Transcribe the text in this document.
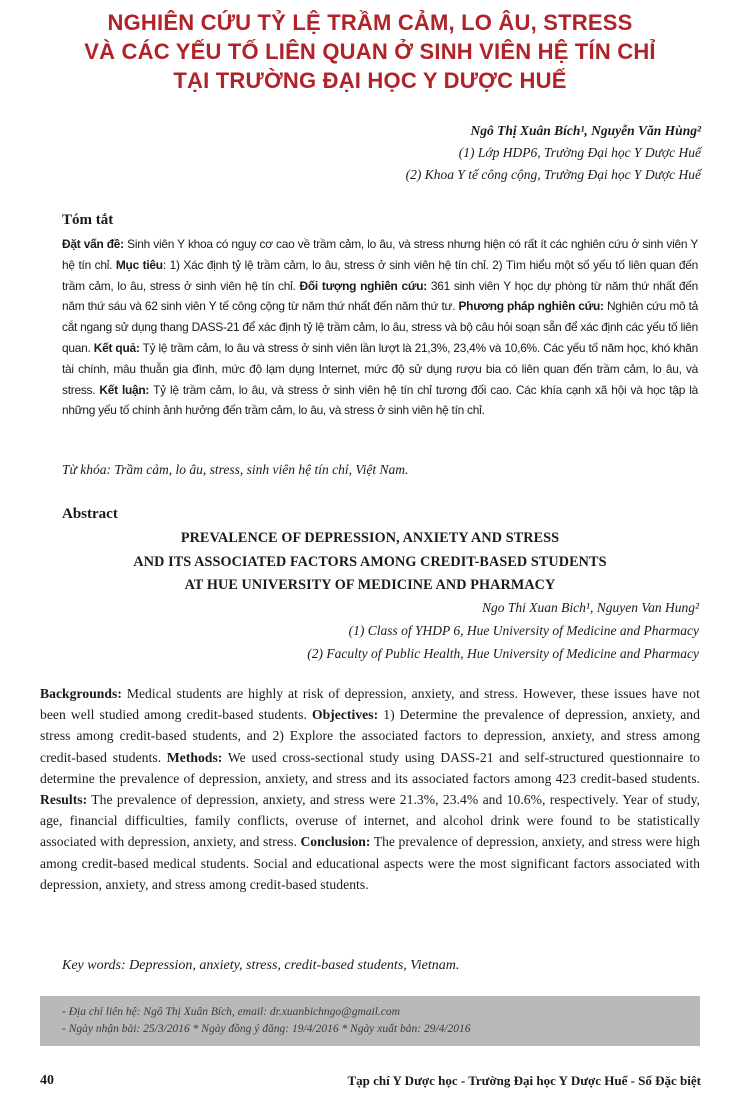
NGHIÊN CỨU TỶ LỆ TRẦM CẢM, LO ÂU, STRESS
VÀ CÁC YẾU TỐ LIÊN QUAN Ở SINH VIÊN HỆ TÍN CHỈ
TẠI TRƯỜNG ĐẠI HỌC Y DƯỢC HUẾ
Ngô Thị Xuân Bích¹, Nguyễn Văn Hùng²
(1) Lớp HDP6, Trường Đại học Y Dược Huế
(2) Khoa Y tế công cộng, Trường Đại học Y Dược Huế
Tóm tắt
Đặt vấn đề: Sinh viên Y khoa có nguy cơ cao về trầm cảm, lo âu, và stress nhưng hiện có rất ít các nghiên cứu ở sinh viên Y hệ tín chỉ. Mục tiêu: 1) Xác định tỷ lệ trầm cảm, lo âu, stress ở sinh viên hệ tín chỉ. 2) Tìm hiểu một số yếu tố liên quan đến trầm cảm, lo âu, stress ở sinh viên hệ tín chỉ. Đối tượng nghiên cứu: 361 sinh viên Y học dự phòng từ năm thứ nhất đến năm thứ sáu và 62 sinh viên Y tế công cộng từ năm thứ nhất đến năm thứ tư. Phương pháp nghiên cứu: Nghiên cứu mô tả cắt ngang sử dụng thang DASS-21 để xác định tỷ lệ trầm cảm, lo âu, stress và bộ câu hỏi soạn sẵn để xác định các yếu tố liên quan. Kết quả: Tỷ lệ trầm cảm, lo âu và stress ở sinh viên lần lượt là 21,3%, 23,4% và 10,6%. Các yếu tố năm học, khó khăn tài chính, mâu thuẫn gia đình, mức độ lạm dụng Internet, mức độ sử dụng rượu bia có liên quan đến trầm cảm, lo âu, và stress. Kết luận: Tỷ lệ trầm cảm, lo âu, và stress ở sinh viên hệ tín chỉ tương đối cao. Các khía cạnh xã hội và học tập là những yếu tố chính ảnh hưởng đến trầm cảm, lo âu, và stress ở sinh viên hệ tín chỉ.
Từ khóa: Trầm cảm, lo âu, stress, sinh viên hệ tín chỉ, Việt Nam.
Abstract
PREVALENCE OF DEPRESSION, ANXIETY AND STRESS
AND ITS ASSOCIATED FACTORS AMONG CREDIT-BASED STUDENTS
AT HUE UNIVERSITY OF MEDICINE AND PHARMACY
Ngo Thi Xuan Bich¹, Nguyen Van Hung²
(1) Class of YHDP 6, Hue University of Medicine and Pharmacy
(2) Faculty of Public Health, Hue University of Medicine and Pharmacy
Backgrounds: Medical students are highly at risk of depression, anxiety, and stress. However, these issues have not been well studied among credit-based students. Objectives: 1) Determine the prevalence of depression, anxiety, and stress among credit-based students, and 2) Explore the associated factors to depression, anxiety, and stress among credit-based students. Methods: We used cross-sectional study using DASS-21 and self-structured questionnaire to determine the prevalence of depression, anxiety, and stress and its associated factors among 423 credit-based students. Results: The prevalence of depression, anxiety, and stress were 21.3%, 23.4% and 10.6%, respectively. Year of study, age, financial difficulties, family conflicts, overuse of internet, and alcohol drink were found to be statistically associated with depression, anxiety, and stress. Conclusion: The prevalence of depression, anxiety, and stress were high among credit-based medical students. Social and educational aspects were the most significant factors associated with depression, anxiety, and stress among credit-based students.
Key words: Depression, anxiety, stress, credit-based students, Vietnam.
- Địa chỉ liên hệ: Ngô Thị Xuân Bích, email: dr.xuanbichngo@gmail.com
- Ngày nhận bài: 25/3/2016 * Ngày đồng ý đăng: 19/4/2016 * Ngày xuất bản: 29/4/2016
40	Tạp chí Y Dược học - Trường Đại học Y Dược Huế - Số Đặc biệt
